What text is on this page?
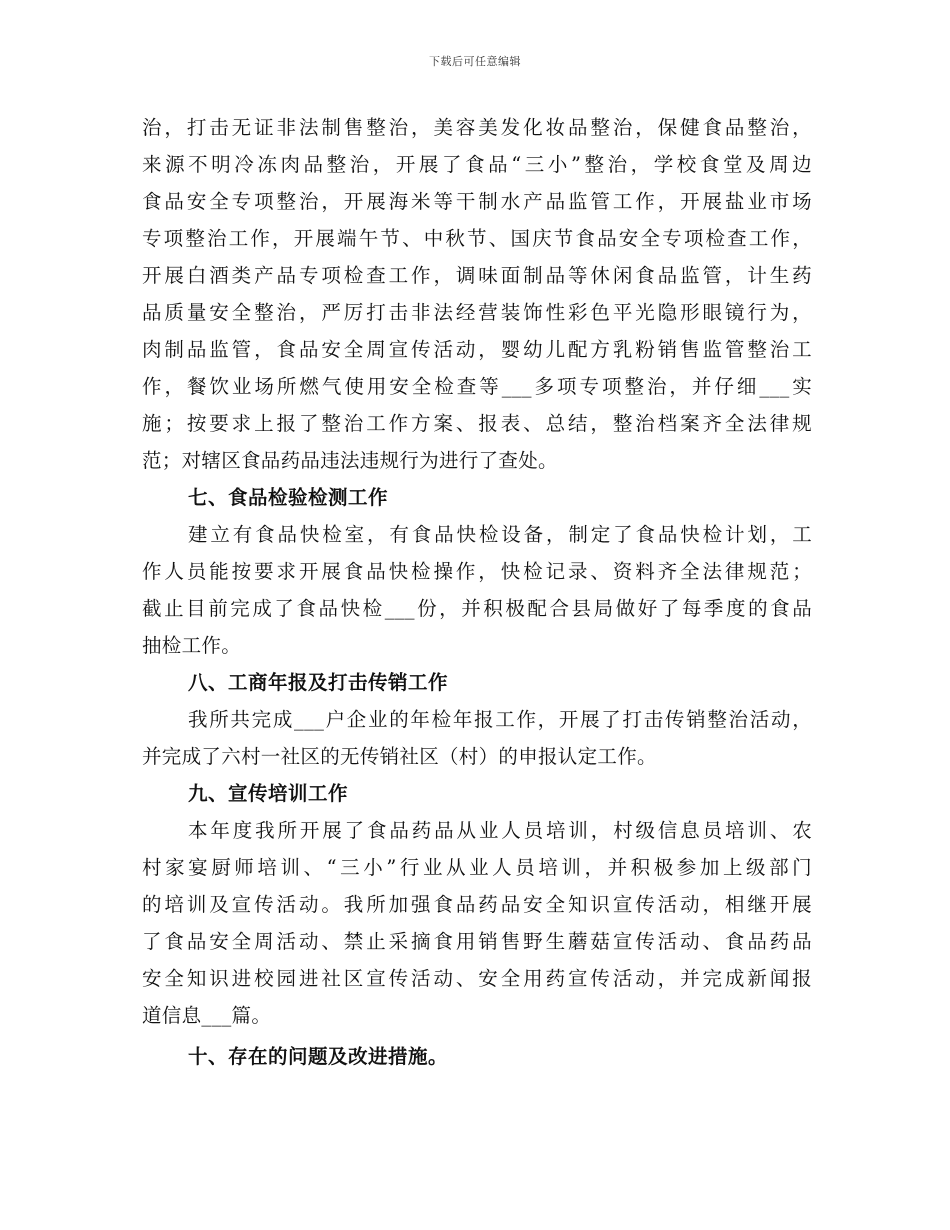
下载后可任意编辑
治，打击无证非法制售整治，美容美发化妆品整治，保健食品整治，
来源不明冷冻肉品整治，开展了食品“三小”整治，学校食堂及周边
食品安全专项整治，开展海米等干制水产品监管工作，开展盐业市场
专项整治工作，开展端午节、中秋节、国庆节食品安全专项检查工作，
开展白酒类产品专项检查工作，调味面制品等休闲食品监管，计生药
品质量安全整治，严厉打击非法经营装饰性彩色平光隐形眼镜行为，
肉制品监管，食品安全周宣传活动，婴幼儿配方乳粉销售监管整治工
作，餐饮业场所燃气使用安全检查等___多项专项整治，并仔细___实
施；按要求上报了整治工作方案、报表、总结，整治档案齐全法律规
范；对辖区食品药品违法违规行为进行了查处。
七、食品检验检测工作
建立有食品快检室，有食品快检设备，制定了食品快检计划，工
作人员能按要求开展食品快检操作，快检记录、资料齐全法律规范；
截止目前完成了食品快检___份，并积极配合县局做好了每季度的食品
抽检工作。
八、工商年报及打击传销工作
我所共完成___户企业的年检年报工作，开展了打击传销整治活动，
并完成了六村一社区的无传销社区（村）的申报认定工作。
九、宣传培训工作
本年度我所开展了食品药品从业人员培训，村级信息员培训、农
村家宴厨师培训、“三小”行业从业人员培训，并积极参加上级部门
的培训及宣传活动。我所加强食品药品安全知识宣传活动，相继开展
了食品安全周活动、禁止采摘食用销售野生蘑菇宣传活动、食品药品
安全知识进校园进社区宣传活动、安全用药宣传活动，并完成新闻报
道信息___篇。
十、存在的问题及改进措施。
